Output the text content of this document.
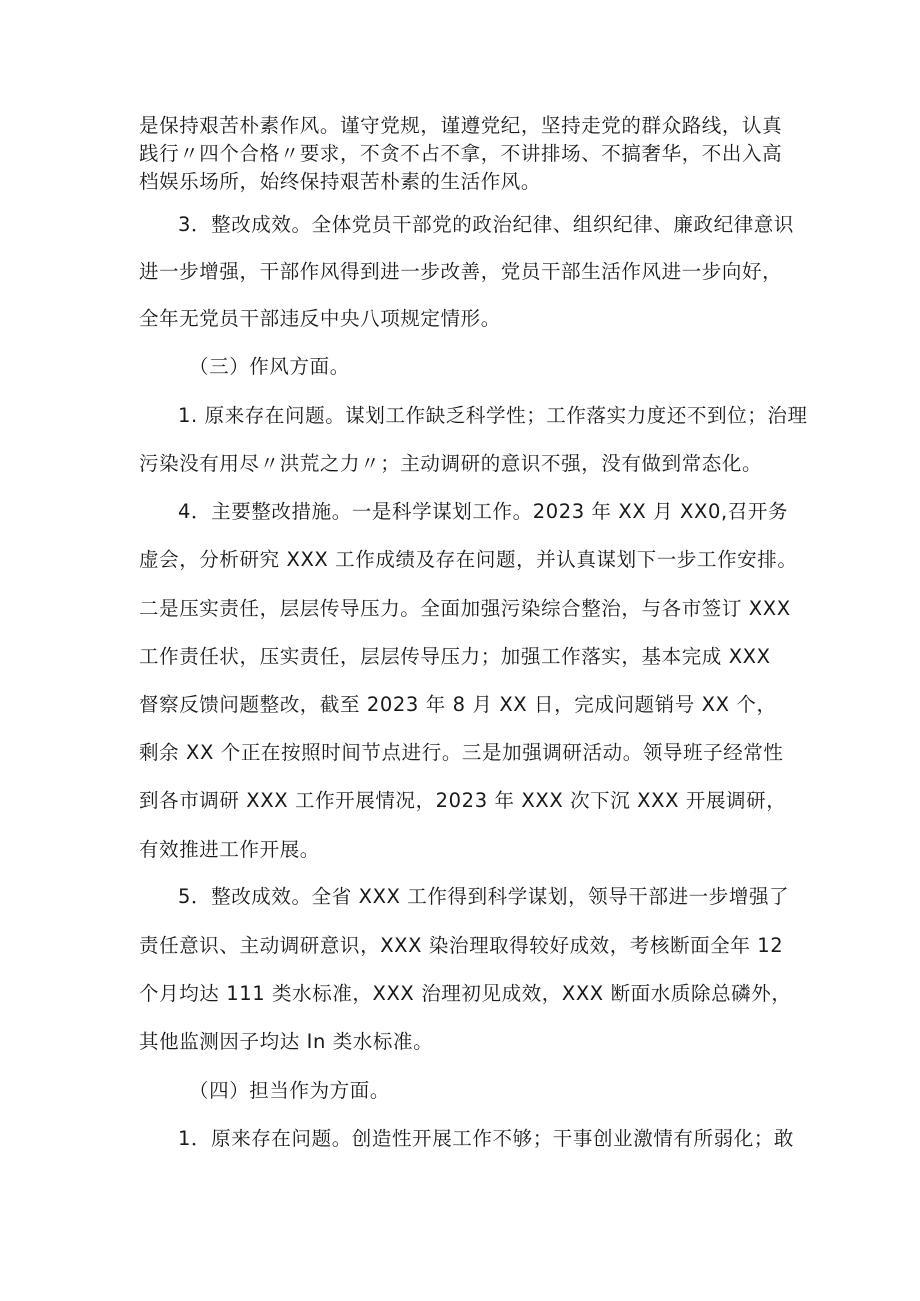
是保持艰苦朴素作风。谨守党规，谨遵党纪，坚持走党的群众路线，认真
践行〃四个合格〃要求，不贪不占不拿，不讲排场、不搞奢华，不出入高
档娱乐场所，始终保持艰苦朴素的生活作风。
3．整改成效。全体党员干部党的政治纪律、组织纪律、廉政纪律意识
进一步增强，干部作风得到进一步改善，党员干部生活作风进一步向好，
全年无党员干部违反中央八项规定情形。
（三）作风方面。
1. 原来存在问题。谋划工作缺乏科学性；工作落实力度还不到位；治理
污染没有用尽〃洪荒之力〃；主动调研的意识不强，没有做到常态化。
4．主要整改措施。一是科学谋划工作。2023 年 XX 月 XX0,召开务
虚会，分析研究 XXX 工作成绩及存在问题，并认真谋划下一步工作安排。
二是压实责任，层层传导压力。全面加强污染综合整治，与各市签订 XXX
工作责任状，压实责任，层层传导压力；加强工作落实，基本完成 XXX
督察反馈问题整改，截至 2023 年 8 月 XX 日，完成问题销号 XX 个，
剩余 XX 个正在按照时间节点进行。三是加强调研活动。领导班子经常性
到各市调研 XXX 工作开展情况，2023 年 XXX 次下沉 XXX 开展调研，
有效推进工作开展。
5．整改成效。全省 XXX 工作得到科学谋划，领导干部进一步增强了
责任意识、主动调研意识，XXX 染治理取得较好成效，考核断面全年 12
个月均达 111 类水标准，XXX 治理初见成效，XXX 断面水质除总磷外，
其他监测因子均达 In 类水标准。
（四）担当作为方面。
1．原来存在问题。创造性开展工作不够；干事创业激情有所弱化；敢
